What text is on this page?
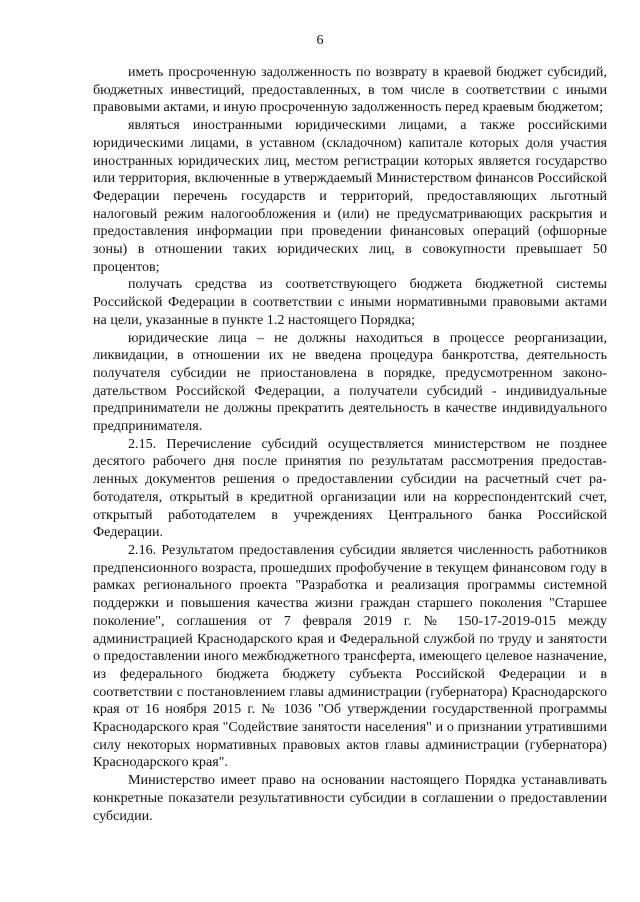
6

иметь просроченную задолженность по возврату в краевой бюджет субсидий, бюджетных инвестиций, предоставленных, в том числе в соответствии с иными правовыми актами, и иную просроченную задолженность перед краевым бюджетом;

являться иностранными юридическими лицами, а также российскими юридическими лицами, в уставном (складочном) капитале которых доля участия иностранных юридических лиц, местом регистрации которых является государство или территория, включенные в утверждаемый Министерством финансов Российской Федерации перечень государств и территорий, предоставляющих льготный налоговый режим налогообложения и (или) не предусматривающих раскрытия и предоставления информации при проведении финансовых операций (офшорные зоны) в отношении таких юридических лиц, в совокупности превышает 50 процентов;

получать средства из соответствующего бюджета бюджетной системы Российской Федерации в соответствии с иными нормативными правовыми актами на цели, указанные в пункте 1.2 настоящего Порядка;

юридические лица – не должны находиться в процессе реорганизации, ликвидации, в отношении их не введена процедура банкротства, деятельность получателя субсидии не приостановлена в порядке, предусмотренном законодательством Российской Федерации, а получатели субсидий - индивидуальные предприниматели не должны прекратить деятельность в качестве индивидуального предпринимателя.

2.15. Перечисление субсидий осуществляется министерством не позднее десятого рабочего дня после принятия по результатам рассмотрения предоставленных документов решения о предоставлении субсидии на расчетный счет работодателя, открытый в кредитной организации или на корреспондентский счет, открытый работодателем в учреждениях Центрального банка Российской Федерации.

2.16. Результатом предоставления субсидии является численность работников предпенсионного возраста, прошедших профобучение в текущем финансовом году в рамках регионального проекта "Разработка и реализация программы системной поддержки и повышения качества жизни граждан старшего поколения "Старшее поколение", соглашения от 7 февраля 2019 г. № 150-17-2019-015 между администрацией Краснодарского края и Федеральной службой по труду и занятости о предоставлении иного межбюджетного трансферта, имеющего целевое назначение, из федерального бюджета бюджету субъекта Российской Федерации и в соответствии с постановлением главы администрации (губернатора) Краснодарского края от 16 ноября 2015 г. № 1036 "Об утверждении государственной программы Краснодарского края "Содействие занятости населения" и о признании утратившими силу некоторых нормативных правовых актов главы администрации (губернатора) Краснодарского края".

Министерство имеет право на основании настоящего Порядка устанавливать конкретные показатели результативности субсидии в соглашении о предоставлении субсидии.
